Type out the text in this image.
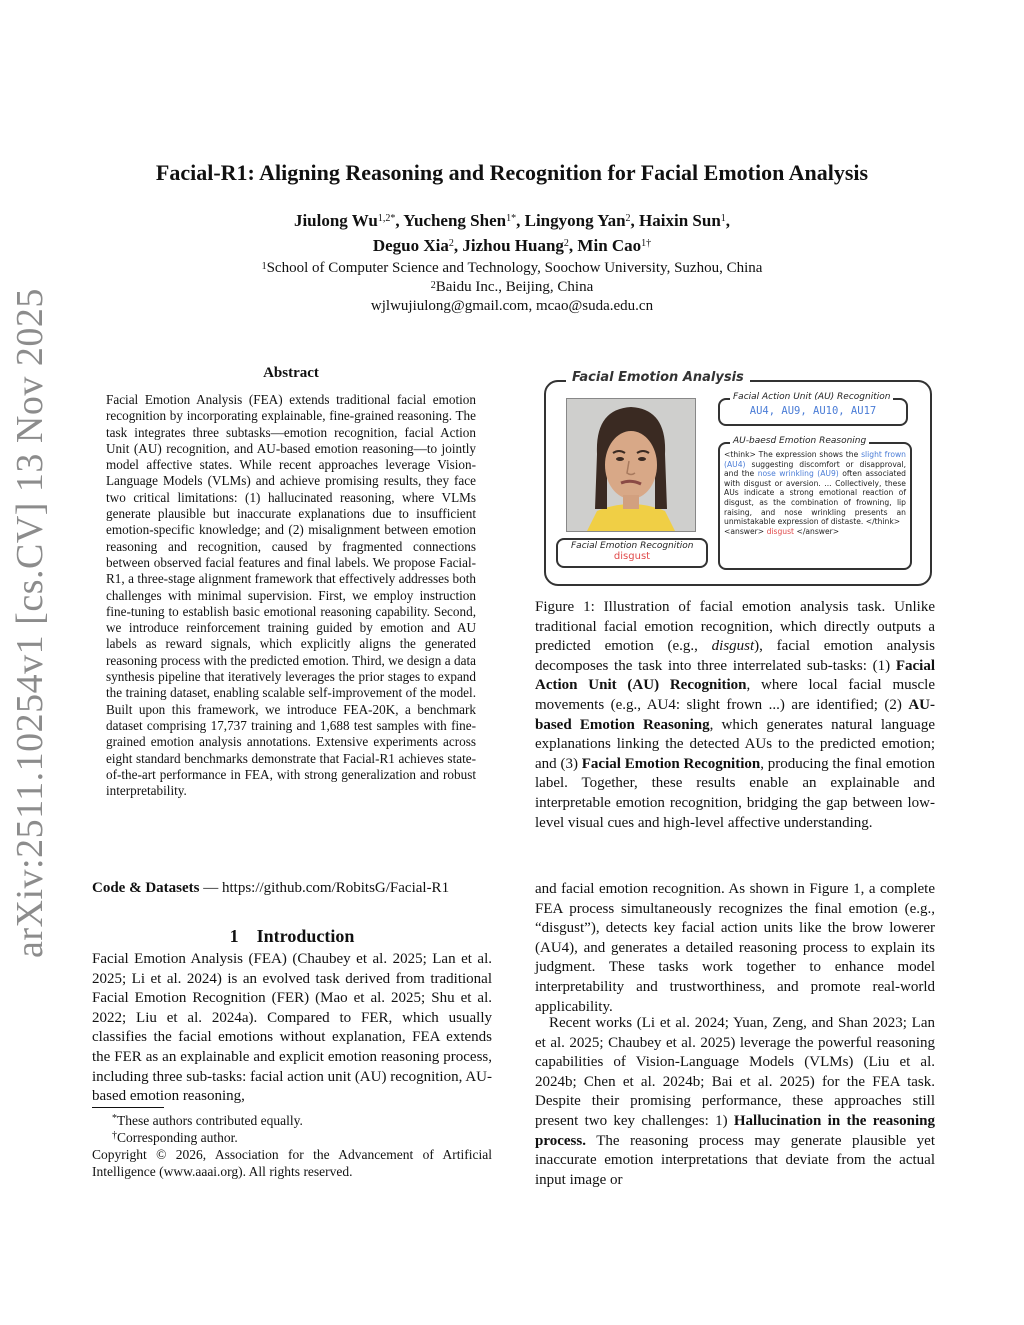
arXiv:2511.10254v1 [cs.CV] 13 Nov 2025
Facial-R1: Aligning Reasoning and Recognition for Facial Emotion Analysis
Jiulong $Wu^{1,2*}$, Yucheng Shen$^{1*}$, Lingyong Yan$^2$, Haixin Sun$^1$,
Deguo Xia$^2$, Jizhou Huang$^2$, Min Cao$^{1\dagger}$
$^1$School of Computer Science and Technology, Soochow University, Suzhou, China
$^2$Baidu Inc., Beijing, China
wjlwujiulong@gmail.com, mcao@suda.edu.cn
Abstract
Facial Emotion Analysis (FEA) extends traditional facial emotion recognition by incorporating explainable, fine-grained reasoning. The task integrates three subtasks—emotion recognition, facial Action Unit (AU) recognition, and AU-based emotion reasoning—to jointly model affective states. While recent approaches leverage Vision-Language Models (VLMs) and achieve promising results, they face two critical limitations: (1) hallucinated reasoning, where VLMs generate plausible but inaccurate explanations due to insufficient emotion-specific knowledge; and (2) misalignment between emotion reasoning and recognition, caused by fragmented connections between observed facial features and final labels. We propose Facial-R1, a three-stage alignment framework that effectively addresses both challenges with minimal supervision. First, we employ instruction fine-tuning to establish basic emotional reasoning capability. Second, we introduce reinforcement training guided by emotion and AU labels as reward signals, which explicitly aligns the generated reasoning process with the predicted emotion. Third, we design a data synthesis pipeline that iteratively leverages the prior stages to expand the training dataset, enabling scalable self-improvement of the model. Built upon this framework, we introduce FEA-20K, a benchmark dataset comprising 17,737 training and 1,688 test samples with fine-grained emotion analysis annotations. Extensive experiments across eight standard benchmarks demonstrate that Facial-R1 achieves state-of-the-art performance in FEA, with strong generalization and robust interpretability.
Code & Datasets — https://github.com/RobitsG/Facial-R1
1 Introduction
Facial Emotion Analysis (FEA) (Chaubey et al. 2025; Lan et al. 2025; Li et al. 2024) is an evolved task derived from traditional Facial Emotion Recognition (FER) (Mao et al. 2025; Shu et al. 2022; Liu et al. 2024a). Compared to FER, which usually classifies the facial emotions without explanation, FEA extends the FER as an explainable and explicit emotion reasoning process, including three sub-tasks: facial action unit (AU) recognition, AU-based emotion reasoning,
*These authors contributed equally.
†Corresponding author.
Copyright © 2026, Association for the Advancement of Artificial Intelligence (www.aaai.org). All rights reserved.
Facial Emotion Analysis
Facial Action Unit (AU) Recognition
AU4, AU9, AU10, AU17
AU-baesd Emotion Reasoning
<think> The expression shows the slight frown (AU4) suggesting discomfort or disapproval, and the nose wrinkling (AU9) often associated with disgust or aversion. ... Collectively, these AUs indicate a strong emotional reaction of disgust, as the combination of frowning, lip raising, and nose wrinkling presents an unmistakable expression of distaste. </think>
<answer> disgust </answer>
Facial Emotion Recognition
disgust
Figure 1: Illustration of facial emotion analysis task. Unlike traditional facial emotion recognition, which directly outputs a predicted emotion (e.g., disgust), facial emotion analysis decomposes the task into three interrelated sub-tasks: (1) Facial Action Unit (AU) Recognition, where local facial muscle movements (e.g., AU4: slight frown ...) are identified; (2) AU-based Emotion Reasoning, which generates natural language explanations linking the detected AUs to the predicted emotion; and (3) Facial Emotion Recognition, producing the final emotion label. Together, these results enable an explainable and interpretable emotion recognition, bridging the gap between low-level visual cues and high-level affective understanding.
and facial emotion recognition. As shown in Figure 1, a complete FEA process simultaneously recognizes the final emotion (e.g., “disgust”), detects key facial action units like the brow lowerer (AU4), and generates a detailed reasoning process to explain its judgment. These tasks work together to enhance model interpretability and trustworthiness, and promote real-world applicability.
Recent works (Li et al. 2024; Yuan, Zeng, and Shan 2023; Lan et al. 2025; Chaubey et al. 2025) leverage the powerful reasoning capabilities of Vision-Language Models (VLMs) (Liu et al. 2024b; Chen et al. 2024b; Bai et al. 2025) for the FEA task. Despite their promising performance, these approaches still present two key challenges: 1) Hallucination in the reasoning process. The reasoning process may generate plausible yet inaccurate emotion interpretations that deviate from the actual input image or
